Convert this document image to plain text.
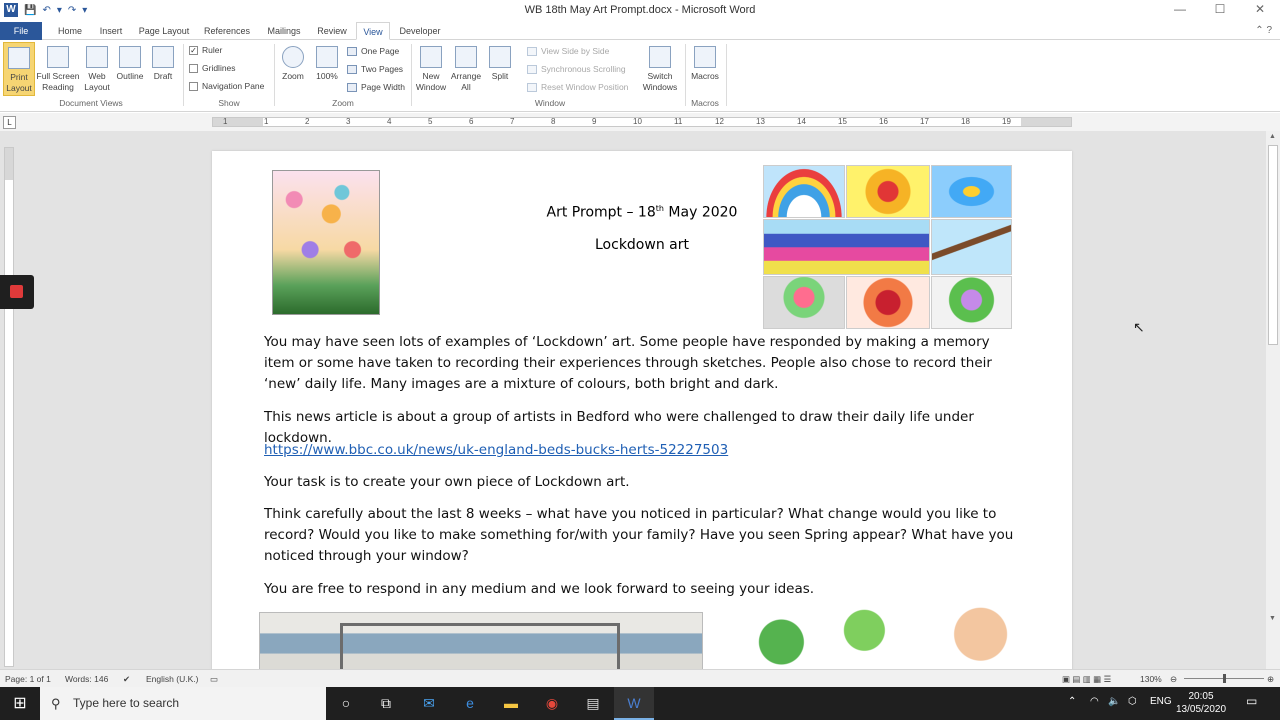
W 💾 ↶ ▾ ↷ ▾	WB 18th May Art Prompt.docx - Microsoft Word	—	☐	✕
File	Home	Insert	Page Layout	References	Mailings	Review	View	Developer	⌃ ?
Print Layout
Full Screen Reading
Web Layout
Outline	Draft
Document Views
✓ Ruler
Gridlines
Navigation Pane
Show
Zoom	100%
One Page
Two Pages
Page Width
Zoom
New Window
Arrange All
Split
View Side by Side
Synchronous Scrolling
Reset Window Position
Switch Windows
Window
Macros
Macros
L	1	1	2	3	4	5	6	7	8	9	10	11	12	13	14	15	16	17	18	19
Art Prompt – 18th May 2020
Lockdown art
You may have seen lots of examples of ‘Lockdown’ art. Some people have responded by making a memory item or some have taken to recording their experiences through sketches. People also chose to record their ‘new’ daily life. Many images are a mixture of colours, both bright and dark.
This news article is about a group of artists in Bedford who were challenged to draw their daily life under lockdown.
https://www.bbc.co.uk/news/uk-england-beds-bucks-herts-52227503
Your task is to create your own piece of Lockdown art.
Think carefully about the last 8 weeks – what have you noticed in particular? What change would you like to record? Would you like to make something for/with your family? Have you seen Spring appear? What have you noticed through your window?
You are free to respond in any medium and we look forward to seeing your ideas.
▲
▼
↖
Page: 1 of 1 Words: 146 ✔ English (U.K.) ▭	▣ ▤ ▥ ▦ ☰	130% ⊖	⊕
⊞	⚲ Type here to search	○	⧉	✉	e	▬	◉	▤	W	⌃ ◠ 🔈 ⬡ ENG	20:05
13/05/2020
▭
